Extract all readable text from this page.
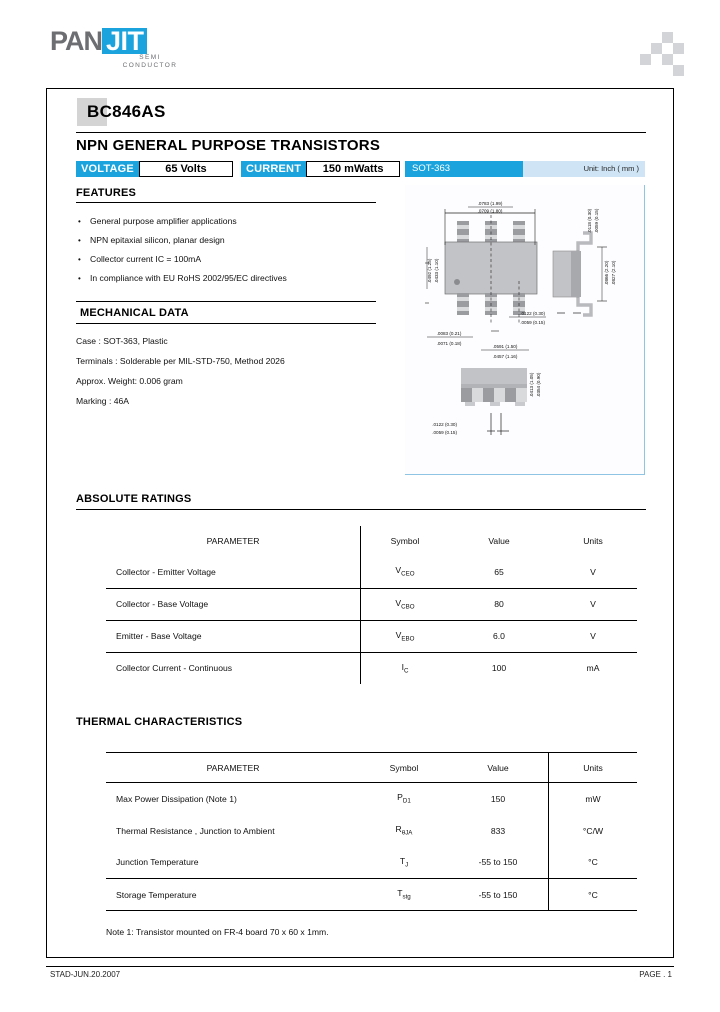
PAN JIT
SEMI
CONDUCTOR
BC846AS
NPN GENERAL PURPOSE TRANSISTORS
VOLTAGE	65 Volts	CURRENT	150 mWatts	SOT-363	Unit: Inch ( mm )
FEATURES
• General purpose amplifier applications
• NPN epitaxial silicon, planar design
• Collector current IC = 100mA
• In compliance with EU RoHS 2002/95/EC directives
MECHANICAL DATA
Case : SOT-363, Plastic
Terminals : Solderable per MIL-STD-750, Method 2026
Approx. Weight: 0.006 gram
Marking : 46A
.0783 (1.99)
.0709 (1.80)
.0492 (1.25) .0433 (1.10)
.0083 (0.21)
.0071 (0.18)
.0591 (1.50)
.0457 (1.16)
.0866 (2.20) .0827 (2.10)
.0118 (0.30) .0059 (0.15)
.0122 (0.30)
.0059 (0.15)
.0413 (1.05) .0354 (0.90)
.0122 (0.30)
.0059 (0.15)
ABSOLUTE RATINGS
PARAMETER	Symbol	Value	Units
Collector - Emitter Voltage	$V_{CEO}$	65	V
Collector - Base Voltage	$V_{CBO}$	80	V
Emitter - Base Voltage	$V_{EBO}$	6.0	V
Collector Current - Continuous	$I_C$	100	mA
THERMAL CHARACTERISTICS
PARAMETER	Symbol	Value	Units
Max Power Dissipation (Note 1)	$P_{D1}$	150	mW
Thermal Resistance , Junction to Ambient	$R_{\theta JA}$	833	°C/W
Junction Temperature	$T_J$	-55 to 150	°C
Storage Temperature	$T_{stg}$	-55 to 150	°C
Note 1: Transistor mounted on FR-4 board 70 x 60 x 1mm.
STAD-JUN.20.2007	PAGE . 1
